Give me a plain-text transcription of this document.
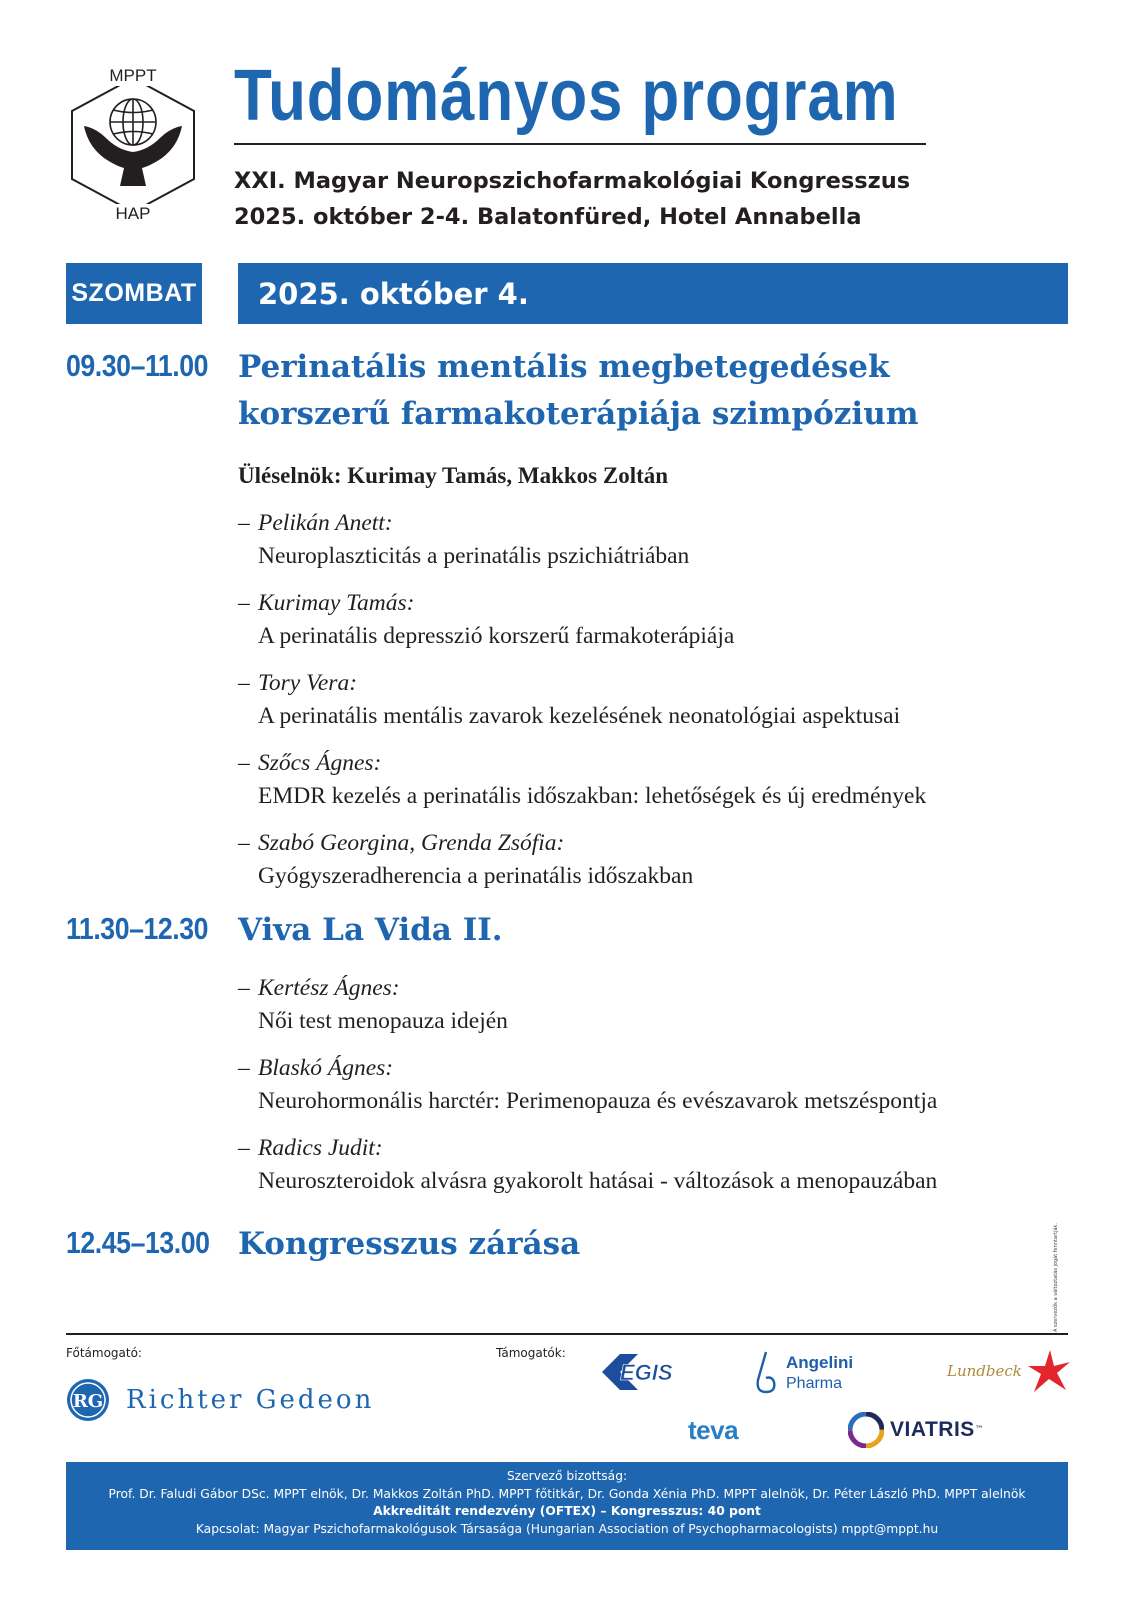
MPPT
HAP
Tudományos program
XXI. Magyar Neuropszichofarmakológiai Kongresszus
2025. október 2-4. Balatonfüred, Hotel Annabella
SZOMBAT	2025. október 4.
09.30–11.00 Perinatális mentális megbetegedések
korszerű farmakoterápiája szimpózium
Üléselnök: Kurimay Tamás, Makkos Zoltán
– Pelikán Anett:
Neuroplaszticitás a perinatális pszichiátriában
– Kurimay Tamás:
A perinatális depresszió korszerű farmakoterápiája
– Tory Vera:
A perinatális mentális zavarok kezelésének neonatológiai aspektusai
– Szőcs Ágnes:
EMDR kezelés a perinatális időszakban: lehetőségek és új eredmények
– Szabó Georgina, Grenda Zsófia:
Gyógyszeradherencia a perinatális időszakban
11.30–12.30 Viva La Vida II.
– Kertész Ágnes:
Női test menopauza idején
– Blaskó Ágnes:
Neurohormonális harctér: Perimenopauza és evészavarok metszéspontja
– Radics Judit:
Neuroszteroidok alvásra gyakorolt hatásai - változások a menopauzában
12.45–13.00 Kongresszus zárása	A szervezők a változtatás jogát fenntartják.
Főtámogató:	Támogatók:
RG Richter Gedeon
EGIS	Angelini
Pharma
Lundbeck
teva	VIATRIS ™
Szervező bizottság:
Prof. Dr. Faludi Gábor DSc. MPPT elnök, Dr. Makkos Zoltán PhD. MPPT főtitkár, Dr. Gonda Xénia PhD. MPPT alelnök, Dr. Péter László PhD. MPPT alelnök
Akkreditált rendezvény (OFTEX) – Kongresszus: 40 pont
Kapcsolat: Magyar Pszichofarmakológusok Társasága (Hungarian Association of Psychopharmacologists) mppt@mppt.hu
